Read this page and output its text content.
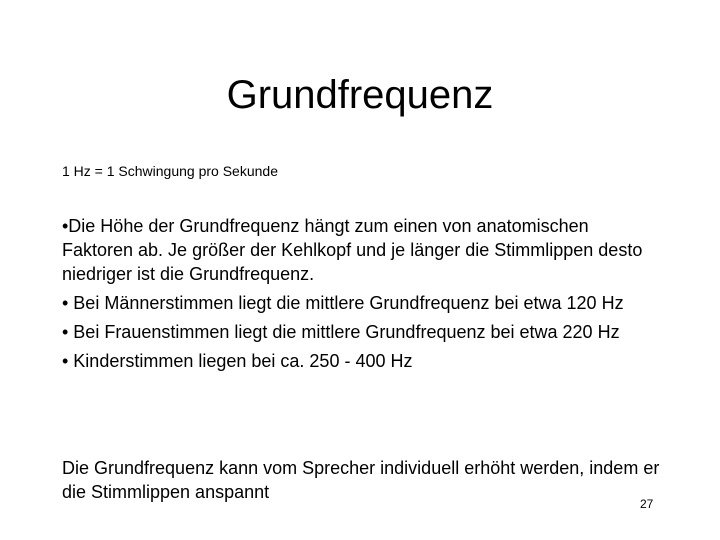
Grundfrequenz

1 Hz = 1 Schwingung pro Sekunde

•Die Höhe der Grundfrequenz hängt zum einen von anatomischen Faktoren ab. Je größer der Kehlkopf und je länger die Stimmlippen desto niedriger ist die Grundfrequenz.
• Bei Männerstimmen liegt die mittlere Grundfrequenz bei etwa 120 Hz
• Bei Frauenstimmen liegt die mittlere Grundfrequenz bei etwa 220 Hz
• Kinderstimmen liegen bei ca. 250 - 400 Hz

Die Grundfrequenz kann vom Sprecher individuell erhöht werden, indem er die Stimmlippen anspannt

27
